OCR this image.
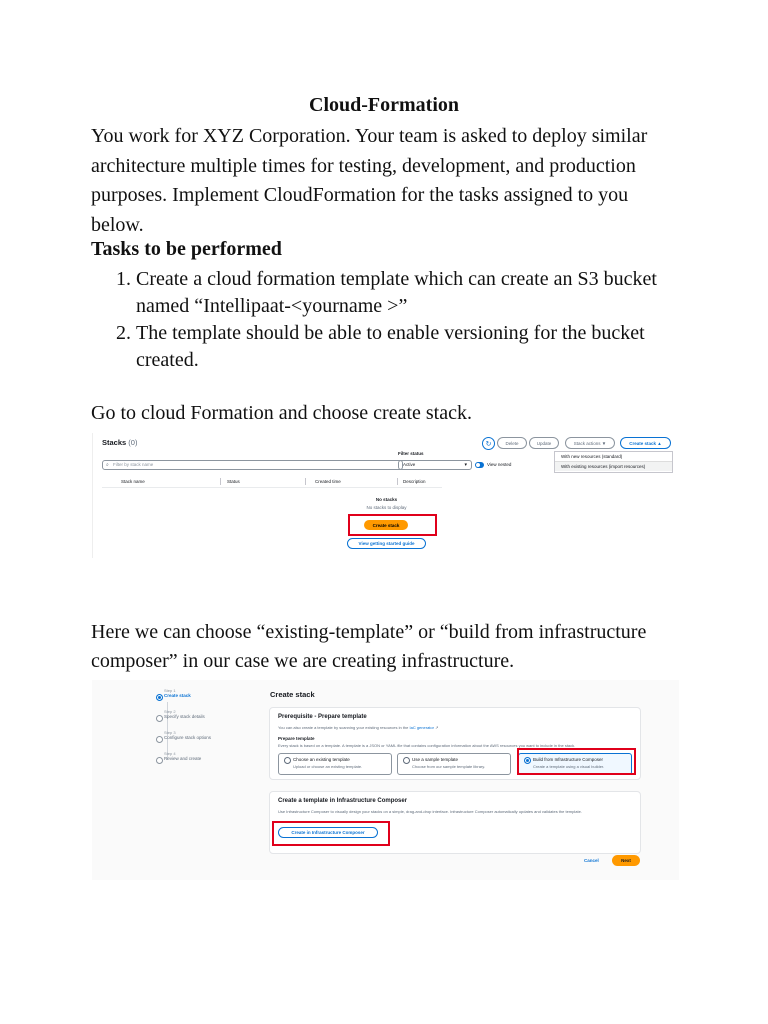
Cloud-Formation
You work for XYZ Corporation. Your team is asked to deploy similar architecture multiple times for testing, development, and production purposes. Implement CloudFormation for the tasks assigned to you below.
Tasks to be performed
1. Create a cloud formation template which can create an S3 bucket named “Intellipaat-<yourname >”
2. The template should be able to enable versioning for the bucket created.
Go to cloud Formation and choose create stack.
Here we can choose “existing-template” or “build from infrastructure composer” in our case we are creating infrastructure.
Stacks (0)	↻	Delete	Update	Stack actions ▼	Create stack ▲
With new resources (standard)
With existing resources (import resources)
Filter status
⌕ Filter by stack name	Active	▾	View nested
Stack name	Status	Created time	Description
No stacks
No stacks to display
Create stack
View getting started guide
Step 1
Create stack
Step 2
Specify stack details
Step 3
Configure stack options
Step 4
Review and create
Create stack
Prerequisite - Prepare template
You can also create a template by scanning your existing resources in the IaC generator ↗
Prepare template
Every stack is based on a template. A template is a JSON or YAML file that contains configuration information about the AWS resources you want to include in the stack.
Choose an existing template
Upload or choose an existing template.
Use a sample template
Choose from our sample template library.
Build from Infrastructure Composer
Create a template using a visual builder.
Create a template in Infrastructure Composer
Use Infrastructure Composer to visually design your stacks on a simple, drag-and-drop interface. Infrastructure Composer automatically updates and validates the template.
Create in Infrastructure Composer
Cancel	Next
